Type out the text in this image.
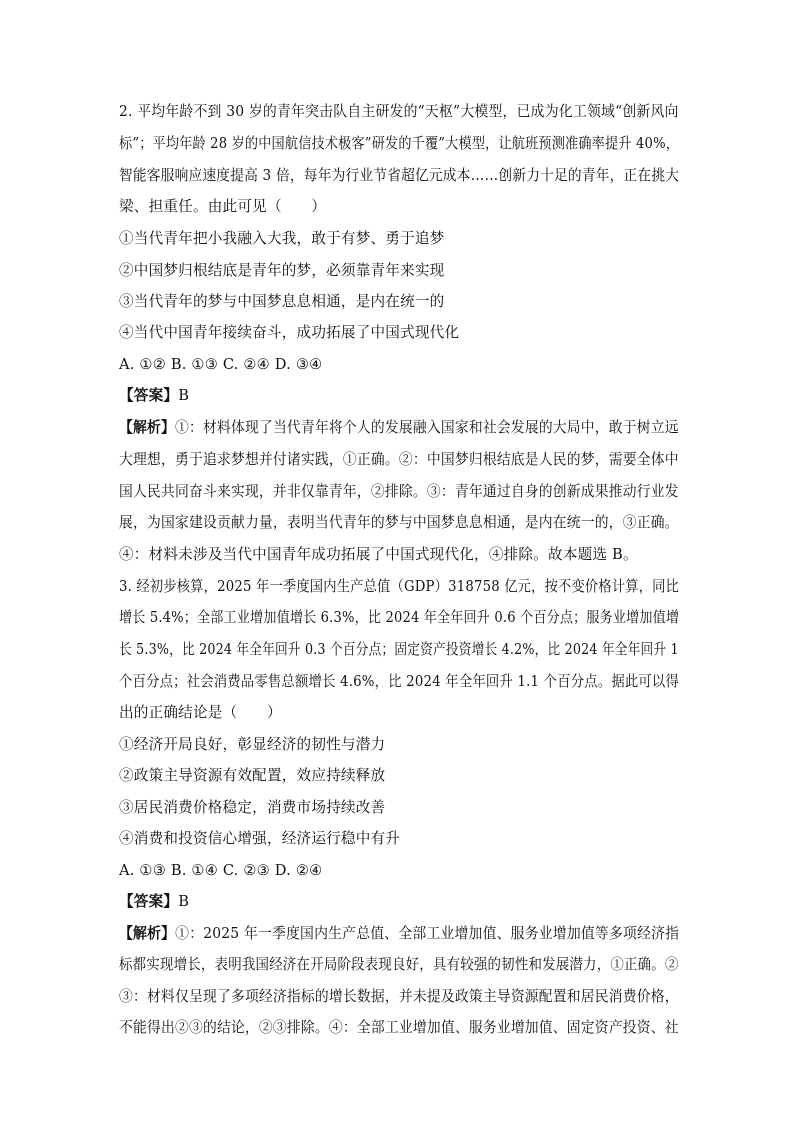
2. 平均年龄不到 30 岁的青年突击队自主研发的“天枢”大模型，已成为化工领域“创新风向
标”；平均年龄 28 岁的中国航信技术极客”研发的千覆”大模型，让航班预测准确率提升 40%，
智能客服响应速度提高 3 倍，每年为行业节省超亿元成本……创新力十足的青年，正在挑大
梁、担重任。由此可见（　　）
①当代青年把小我融入大我，敢于有梦、勇于追梦
②中国梦归根结底是青年的梦，必须靠青年来实现
③当代青年的梦与中国梦息息相通，是内在统一的
④当代中国青年接续奋斗，成功拓展了中国式现代化
A. ①② B. ①③ C. ②④ D. ③④
【答案】B
【解析】①：材料体现了当代青年将个人的发展融入国家和社会发展的大局中，敢于树立远
大理想，勇于追求梦想并付诸实践，①正确。②：中国梦归根结底是人民的梦，需要全体中
国人民共同奋斗来实现，并非仅靠青年，②排除。③：青年通过自身的创新成果推动行业发
展，为国家建设贡献力量，表明当代青年的梦与中国梦息息相通，是内在统一的，③正确。
④：材料未涉及当代中国青年成功拓展了中国式现代化，④排除。故本题选 B。
3. 经初步核算，2025 年一季度国内生产总值（GDP）318758 亿元，按不变价格计算，同比
增长 5.4%；全部工业增加值增长 6.3%，比 2024 年全年回升 0.6 个百分点；服务业增加值增
长 5.3%，比 2024 年全年回升 0.3 个百分点；固定资产投资增长 4.2%，比 2024 年全年回升 1
个百分点；社会消费品零售总额增长 4.6%，比 2024 年全年回升 1.1 个百分点。据此可以得
出的正确结论是（　　）
①经济开局良好，彰显经济的韧性与潜力
②政策主导资源有效配置，效应持续释放
③居民消费价格稳定，消费市场持续改善
④消费和投资信心增强，经济运行稳中有升
A. ①③ B. ①④ C. ②③ D. ②④
【答案】B
【解析】①：2025 年一季度国内生产总值、全部工业增加值、服务业增加值等多项经济指
标都实现增长，表明我国经济在开局阶段表现良好，具有较强的韧性和发展潜力，①正确。②
③：材料仅呈现了多项经济指标的增长数据，并未提及政策主导资源配置和居民消费价格，
不能得出②③的结论，②③排除。④：全部工业增加值、服务业增加值、固定资产投资、社
